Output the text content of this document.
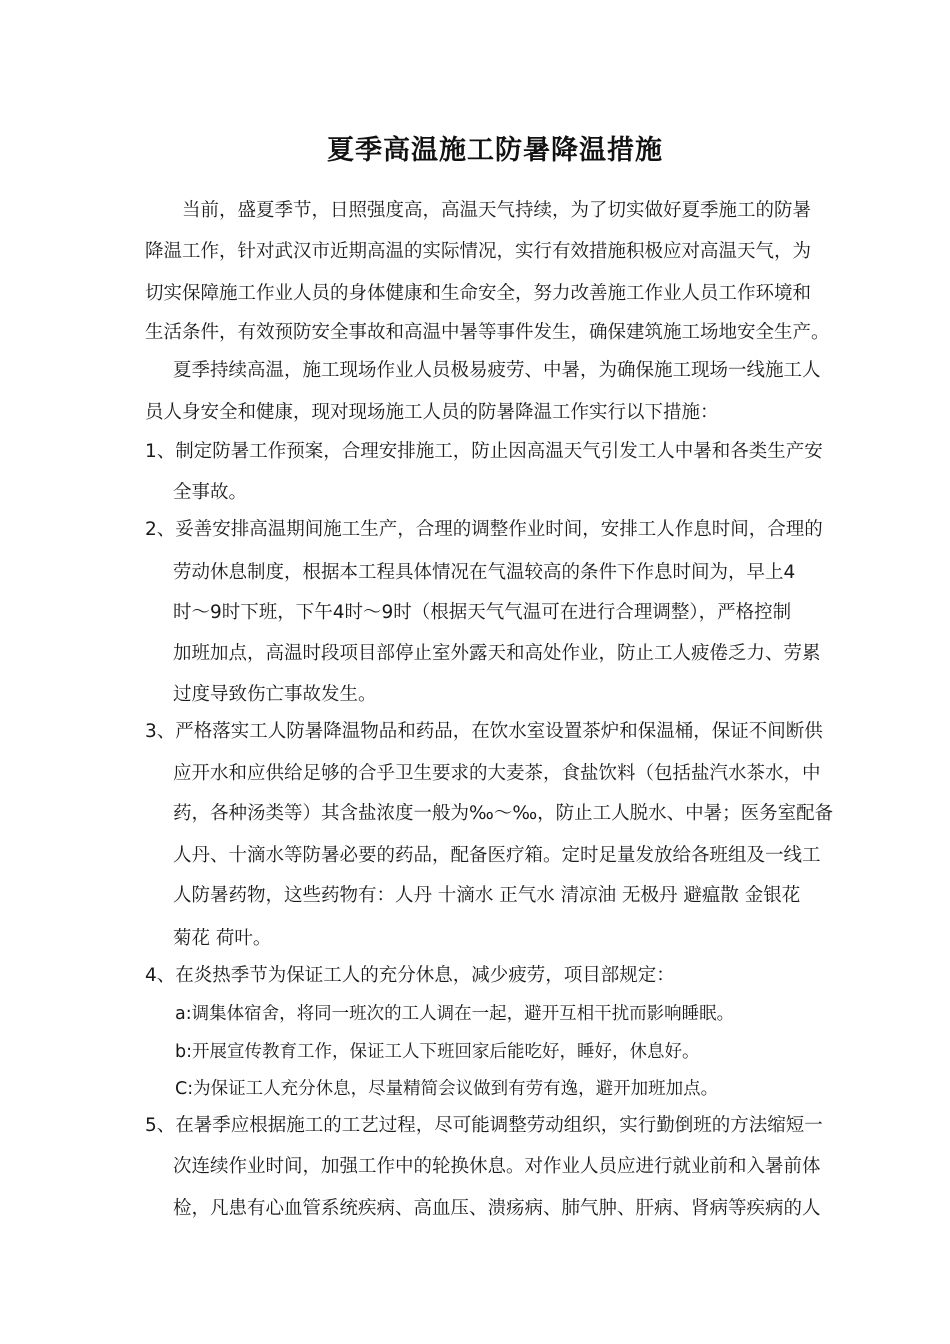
夏季高温施工防暑降温措施
当前，盛夏季节，日照强度高，高温天气持续，为了切实做好夏季施工的防暑
降温工作，针对武汉市近期高温的实际情况，实行有效措施积极应对高温天气，为
切实保障施工作业人员的身体健康和生命安全，努力改善施工作业人员工作环境和
生活条件，有效预防安全事故和高温中暑等事件发生，确保建筑施工场地安全生产。
夏季持续高温，施工现场作业人员极易疲劳、中暑，为确保施工现场一线施工人
员人身安全和健康，现对现场施工人员的防暑降温工作实行以下措施：
1、制定防暑工作预案，合理安排施工，防止因高温天气引发工人中暑和各类生产安
全事故。
2、妥善安排高温期间施工生产，合理的调整作业时间，安排工人作息时间，合理的
劳动休息制度，根据本工程具体情况在气温较高的条件下作息时间为，早上4
时～9时下班，下午4时～9时（根据天气气温可在进行合理调整），严格控制
加班加点，高温时段项目部停止室外露天和高处作业，防止工人疲倦乏力、劳累
过度导致伤亡事故发生。
3、严格落实工人防暑降温物品和药品，在饮水室设置茶炉和保温桶，保证不间断供
应开水和应供给足够的合乎卫生要求的大麦茶，食盐饮料（包括盐汽水茶水，中
药，各种汤类等）其含盐浓度一般为‰～‰，防止工人脱水、中暑；医务室配备
人丹、十滴水等防暑必要的药品，配备医疗箱。定时足量发放给各班组及一线工
人防暑药物，这些药物有：人丹 十滴水 正气水 清凉油 无极丹 避瘟散 金银花
菊花 荷叶。
4、在炎热季节为保证工人的充分休息，减少疲劳，项目部规定：
a:调集体宿舍，将同一班次的工人调在一起，避开互相干扰而影响睡眠。
b:开展宣传教育工作，保证工人下班回家后能吃好，睡好，休息好。
C:为保证工人充分休息，尽量精简会议做到有劳有逸，避开加班加点。
5、在暑季应根据施工的工艺过程，尽可能调整劳动组织，实行勤倒班的方法缩短一
次连续作业时间，加强工作中的轮换休息。对作业人员应进行就业前和入暑前体
检，凡患有心血管系统疾病、高血压、溃疡病、肺气肿、肝病、肾病等疾病的人
